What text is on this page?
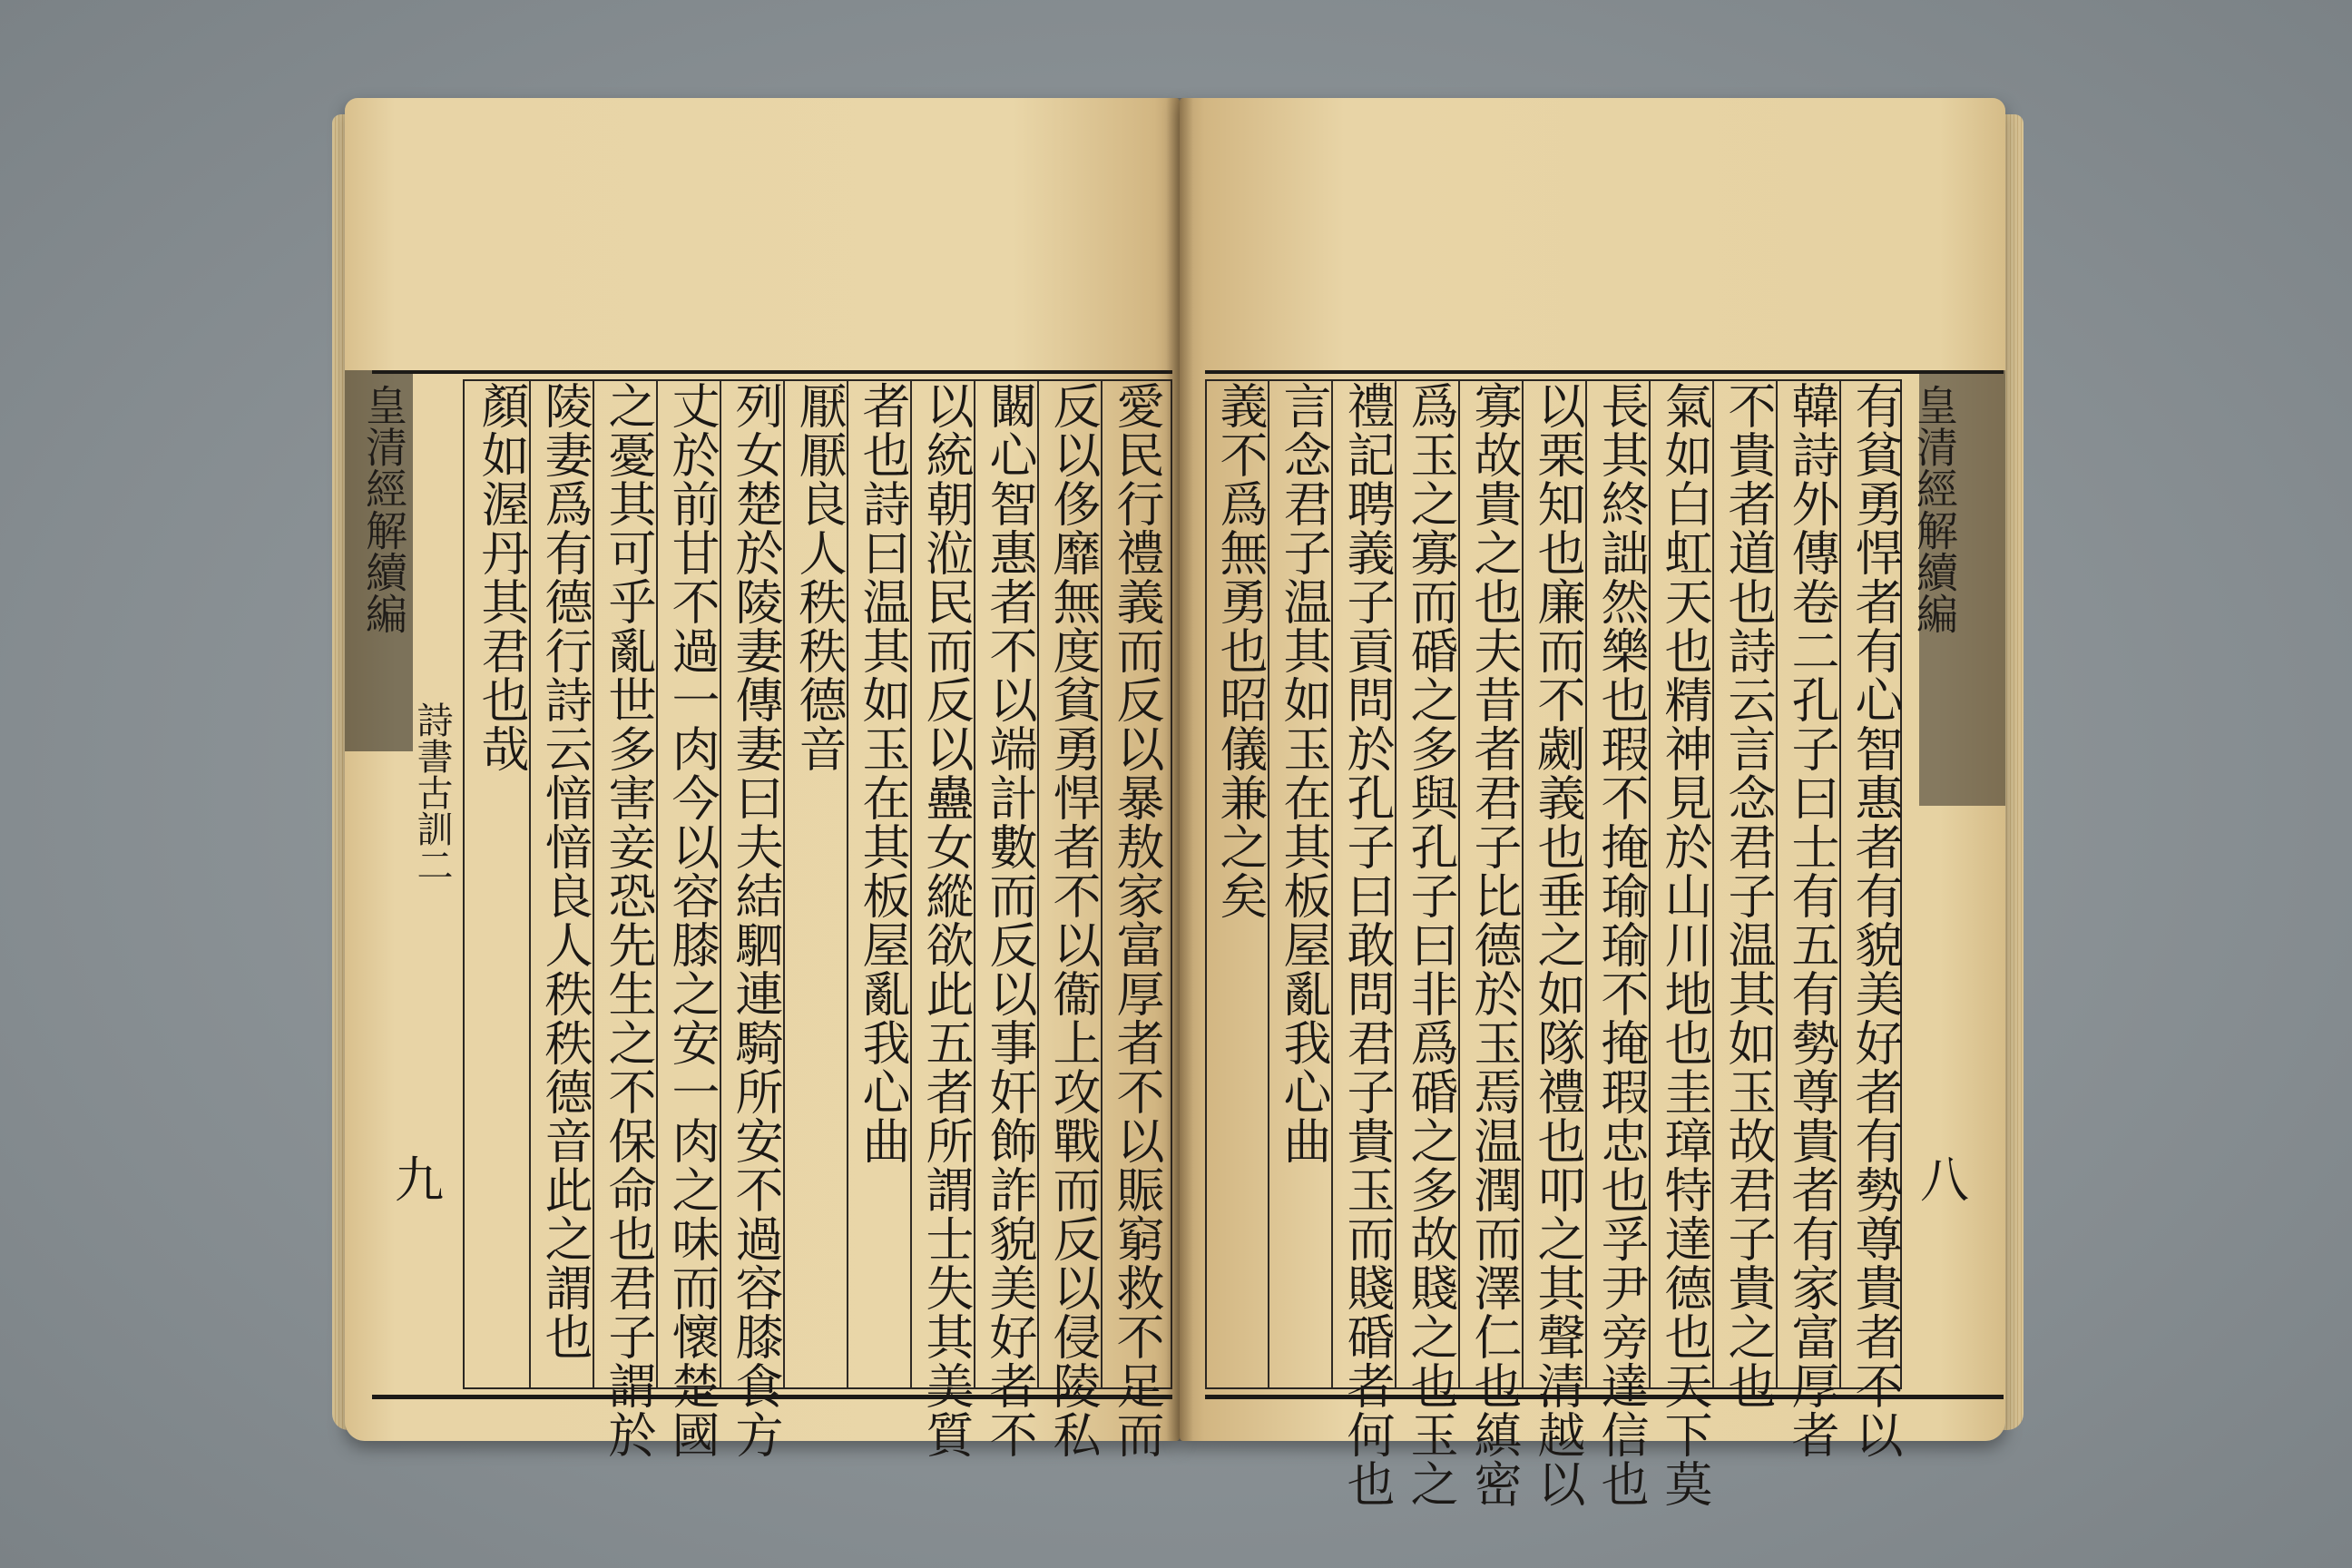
皇清經解續編
詩書古訓二
九
顏如渥丹其君也哉 陵妻爲有德行詩云愔愔良人秩秩德音此之謂也 之憂其可乎亂世多害妾恐先生之不保命也君子謂於 丈於前甘不過一肉今以容膝之安一肉之味而懷楚國 列女楚於陵妻傳妻曰夫結駟連騎所安不過容膝食方 厭厭良人秩秩德音 者也詩曰温其如玉在其板屋亂我心曲 以統朝涖民而反以蠱女縱欲此五者所謂士失其美質 闞心智惠者不以端計數而反以事奸飾詐貌美好者不 反以侈靡無度貧勇悍者不以衞上攻戰而反以侵陵私 愛民行禮義而反以暴敖家富厚者不以賑窮救不足而	皇清經解續編
八
義不爲無勇也昭儀兼之矣 言念君子温其如玉在其板屋亂我心曲 禮記聘義子貢問於孔子曰敢問君子貴玉而賤碈者何也 爲玉之寡而碈之多與孔子曰非爲碈之多故賤之也玉之 寡故貴之也夫昔者君子比德於玉焉温潤而澤仁也縝密 以栗知也廉而不劌義也垂之如隊禮也叩之其聲清越以 長其終詘然樂也瑕不掩瑜瑜不掩瑕忠也孚尹旁達信也 氣如白虹天也精神見於山川地也圭璋特達德也天下莫 不貴者道也詩云言念君子温其如玉故君子貴之也 韓詩外傳卷二孔子曰士有五有勢尊貴者有家富厚者 有貧勇悍者有心智惠者有貌美好者有勢尊貴者不以
